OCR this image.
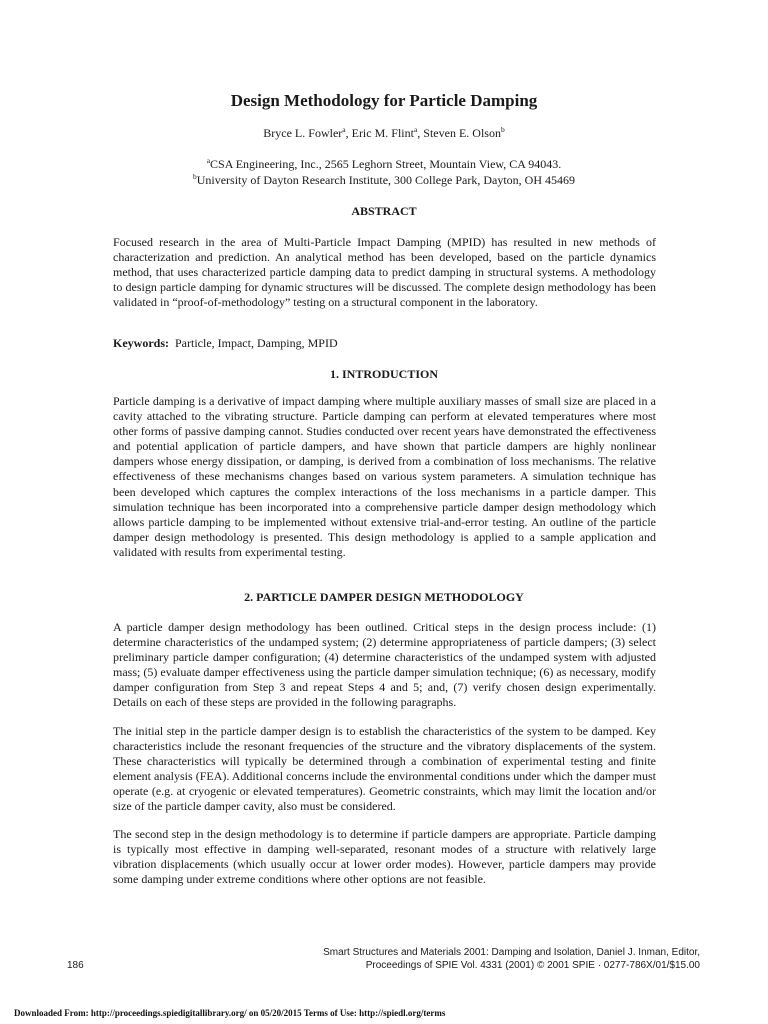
Design Methodology for Particle Damping
Bryce L. Fowler$^a$, Eric M. Flint$^a$, Steven E. Olson$^b$
$^a$CSA Engineering, Inc., 2565 Leghorn Street, Mountain View, CA 94043.
$^b$University of Dayton Research Institute, 300 College Park, Dayton, OH 45469
ABSTRACT
Focused research in the area of Multi-Particle Impact Damping (MPID) has resulted in new methods of characterization and prediction. An analytical method has been developed, based on the particle dynamics method, that uses characterized particle damping data to predict damping in structural systems. A methodology to design particle damping for dynamic structures will be discussed. The complete design methodology has been validated in “proof-of-methodology” testing on a structural component in the laboratory.
Keywords: Particle, Impact, Damping, MPID
1. INTRODUCTION
Particle damping is a derivative of impact damping where multiple auxiliary masses of small size are placed in a cavity attached to the vibrating structure. Particle damping can perform at elevated temperatures where most other forms of passive damping cannot. Studies conducted over recent years have demonstrated the effectiveness and potential application of particle dampers, and have shown that particle dampers are highly nonlinear dampers whose energy dissipation, or damping, is derived from a combination of loss mechanisms. The relative effectiveness of these mechanisms changes based on various system parameters. A simulation technique has been developed which captures the complex interactions of the loss mechanisms in a particle damper. This simulation technique has been incorporated into a comprehensive particle damper design methodology which allows particle damping to be implemented without extensive trial-and-error testing. An outline of the particle damper design methodology is presented. This design methodology is applied to a sample application and validated with results from experimental testing.
2. PARTICLE DAMPER DESIGN METHODOLOGY
A particle damper design methodology has been outlined. Critical steps in the design process include: (1) determine characteristics of the undamped system; (2) determine appropriateness of particle dampers; (3) select preliminary particle damper configuration; (4) determine characteristics of the undamped system with adjusted mass; (5) evaluate damper effectiveness using the particle damper simulation technique; (6) as necessary, modify damper configuration from Step 3 and repeat Steps 4 and 5; and, (7) verify chosen design experimentally. Details on each of these steps are provided in the following paragraphs.
The initial step in the particle damper design is to establish the characteristics of the system to be damped. Key characteristics include the resonant frequencies of the structure and the vibratory displacements of the system. These characteristics will typically be determined through a combination of experimental testing and finite element analysis (FEA). Additional concerns include the environmental conditions under which the damper must operate (e.g. at cryogenic or elevated temperatures). Geometric constraints, which may limit the location and/or size of the particle damper cavity, also must be considered.
The second step in the design methodology is to determine if particle dampers are appropriate. Particle damping is typically most effective in damping well-separated, resonant modes of a structure with relatively large vibration displacements (which usually occur at lower order modes). However, particle dampers may provide some damping under extreme conditions where other options are not feasible.
186
Smart Structures and Materials 2001: Damping and Isolation, Daniel J. Inman, Editor,
Proceedings of SPIE Vol. 4331 (2001) © 2001 SPIE · 0277-786X/01/$15.00
Downloaded From: http://proceedings.spiedigitallibrary.org/ on 05/20/2015 Terms of Use: http://spiedl.org/terms
